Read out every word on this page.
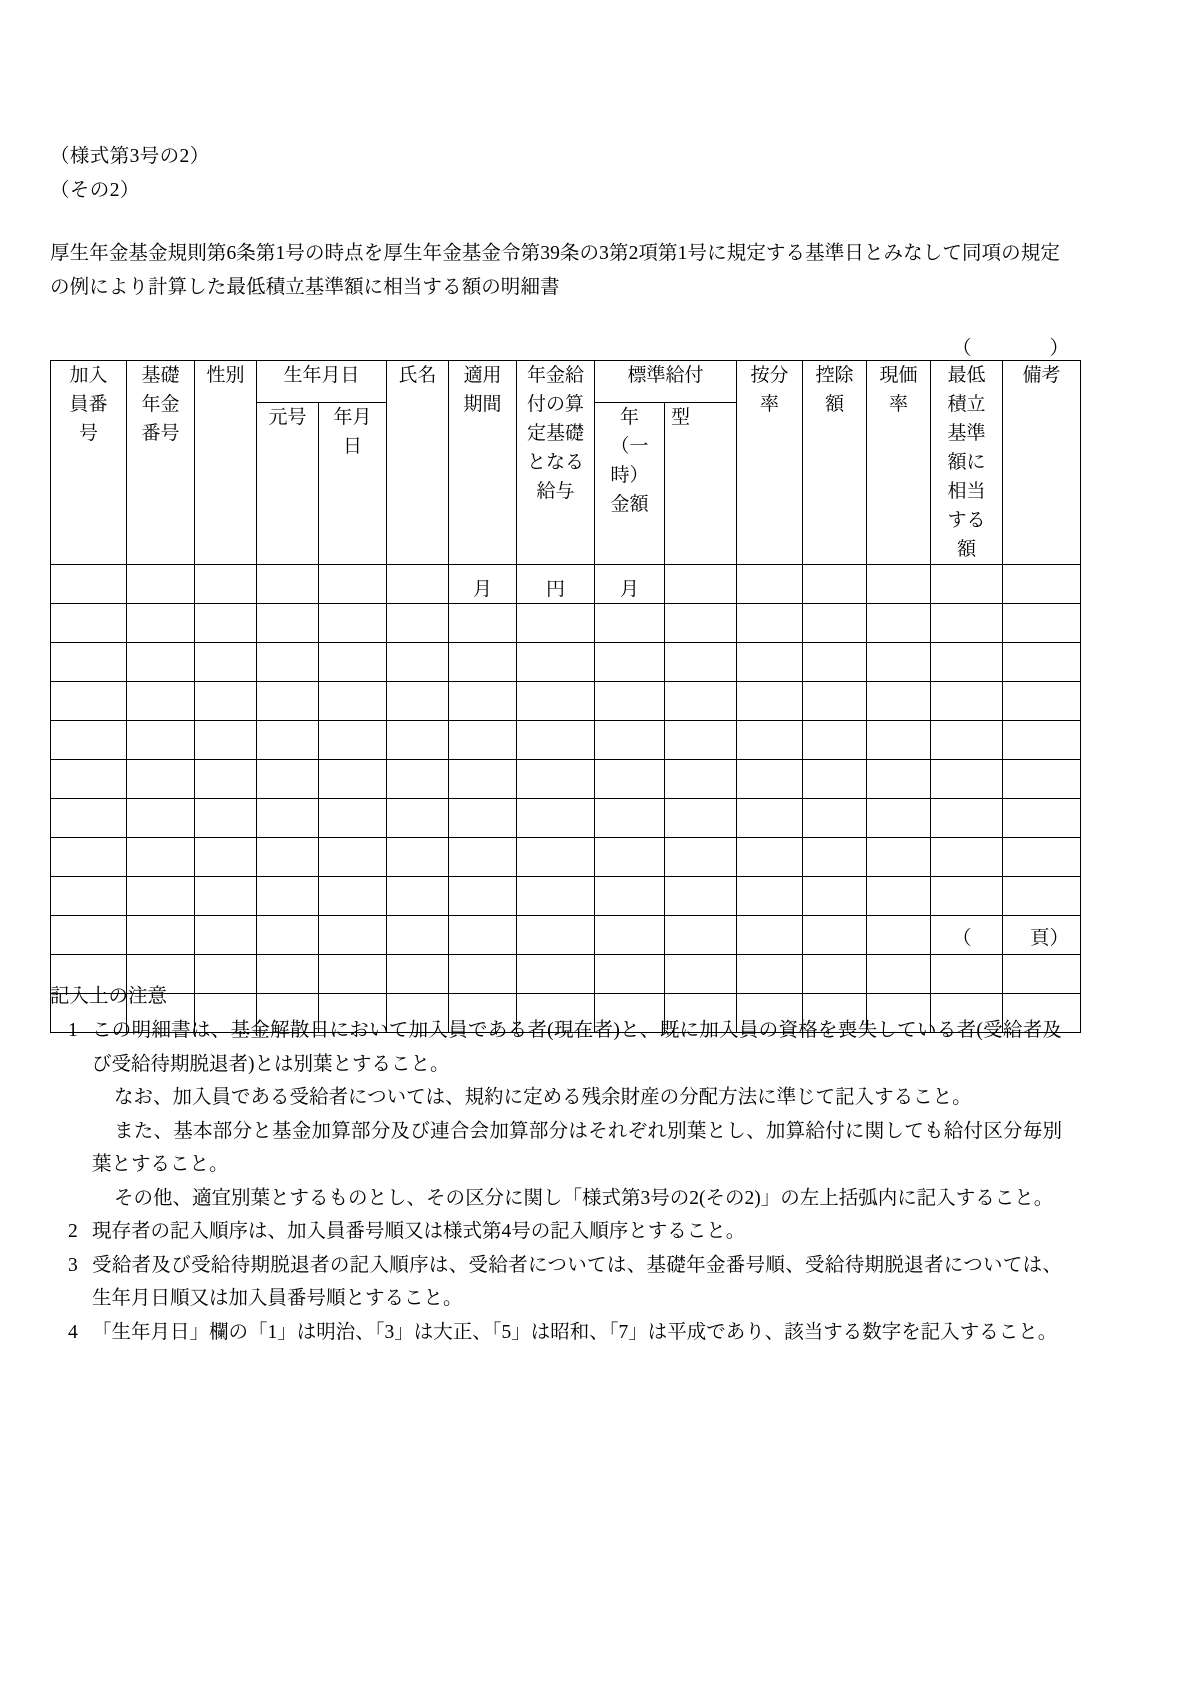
（様式第3号の2）
（その2）
厚生年金基金規則第6条第1号の時点を厚生年金基金令第39条の3第2項第1号に規定する基準日とみなして同項の規定の例により計算した最低積立基準額に相当する額の明細書
（　　　　）
加入員番号	基礎年金番号	性別	生年月日		氏名	適用期間	年金給付の算定基礎となる給与	標準給付		按分率	控除額	現価率	最低積立基準額に相当する額	備考

			元号	年月日				年（一時）金額	型					

						月	円	月						

（　　　頁）
記入上の注意
1 この明細書は、基金解散日において加入員である者(現在者)と、既に加入員の資格を喪失している者(受給者及び受給待期脱退者)とは別葉とすること。
なお、加入員である受給者については、規約に定める残余財産の分配方法に準じて記入すること。
また、基本部分と基金加算部分及び連合会加算部分はそれぞれ別葉とし、加算給付に関しても給付区分毎別葉とすること。
その他、適宜別葉とするものとし、その区分に関し「様式第3号の2(その2)」の左上括弧内に記入すること。
2 現存者の記入順序は、加入員番号順又は様式第4号の記入順序とすること。
3 受給者及び受給待期脱退者の記入順序は、受給者については、基礎年金番号順、受給待期脱退者については、生年月日順又は加入員番号順とすること。
4 「生年月日」欄の「1」は明治、「3」は大正、「5」は昭和、「7」は平成であり、該当する数字を記入すること。
